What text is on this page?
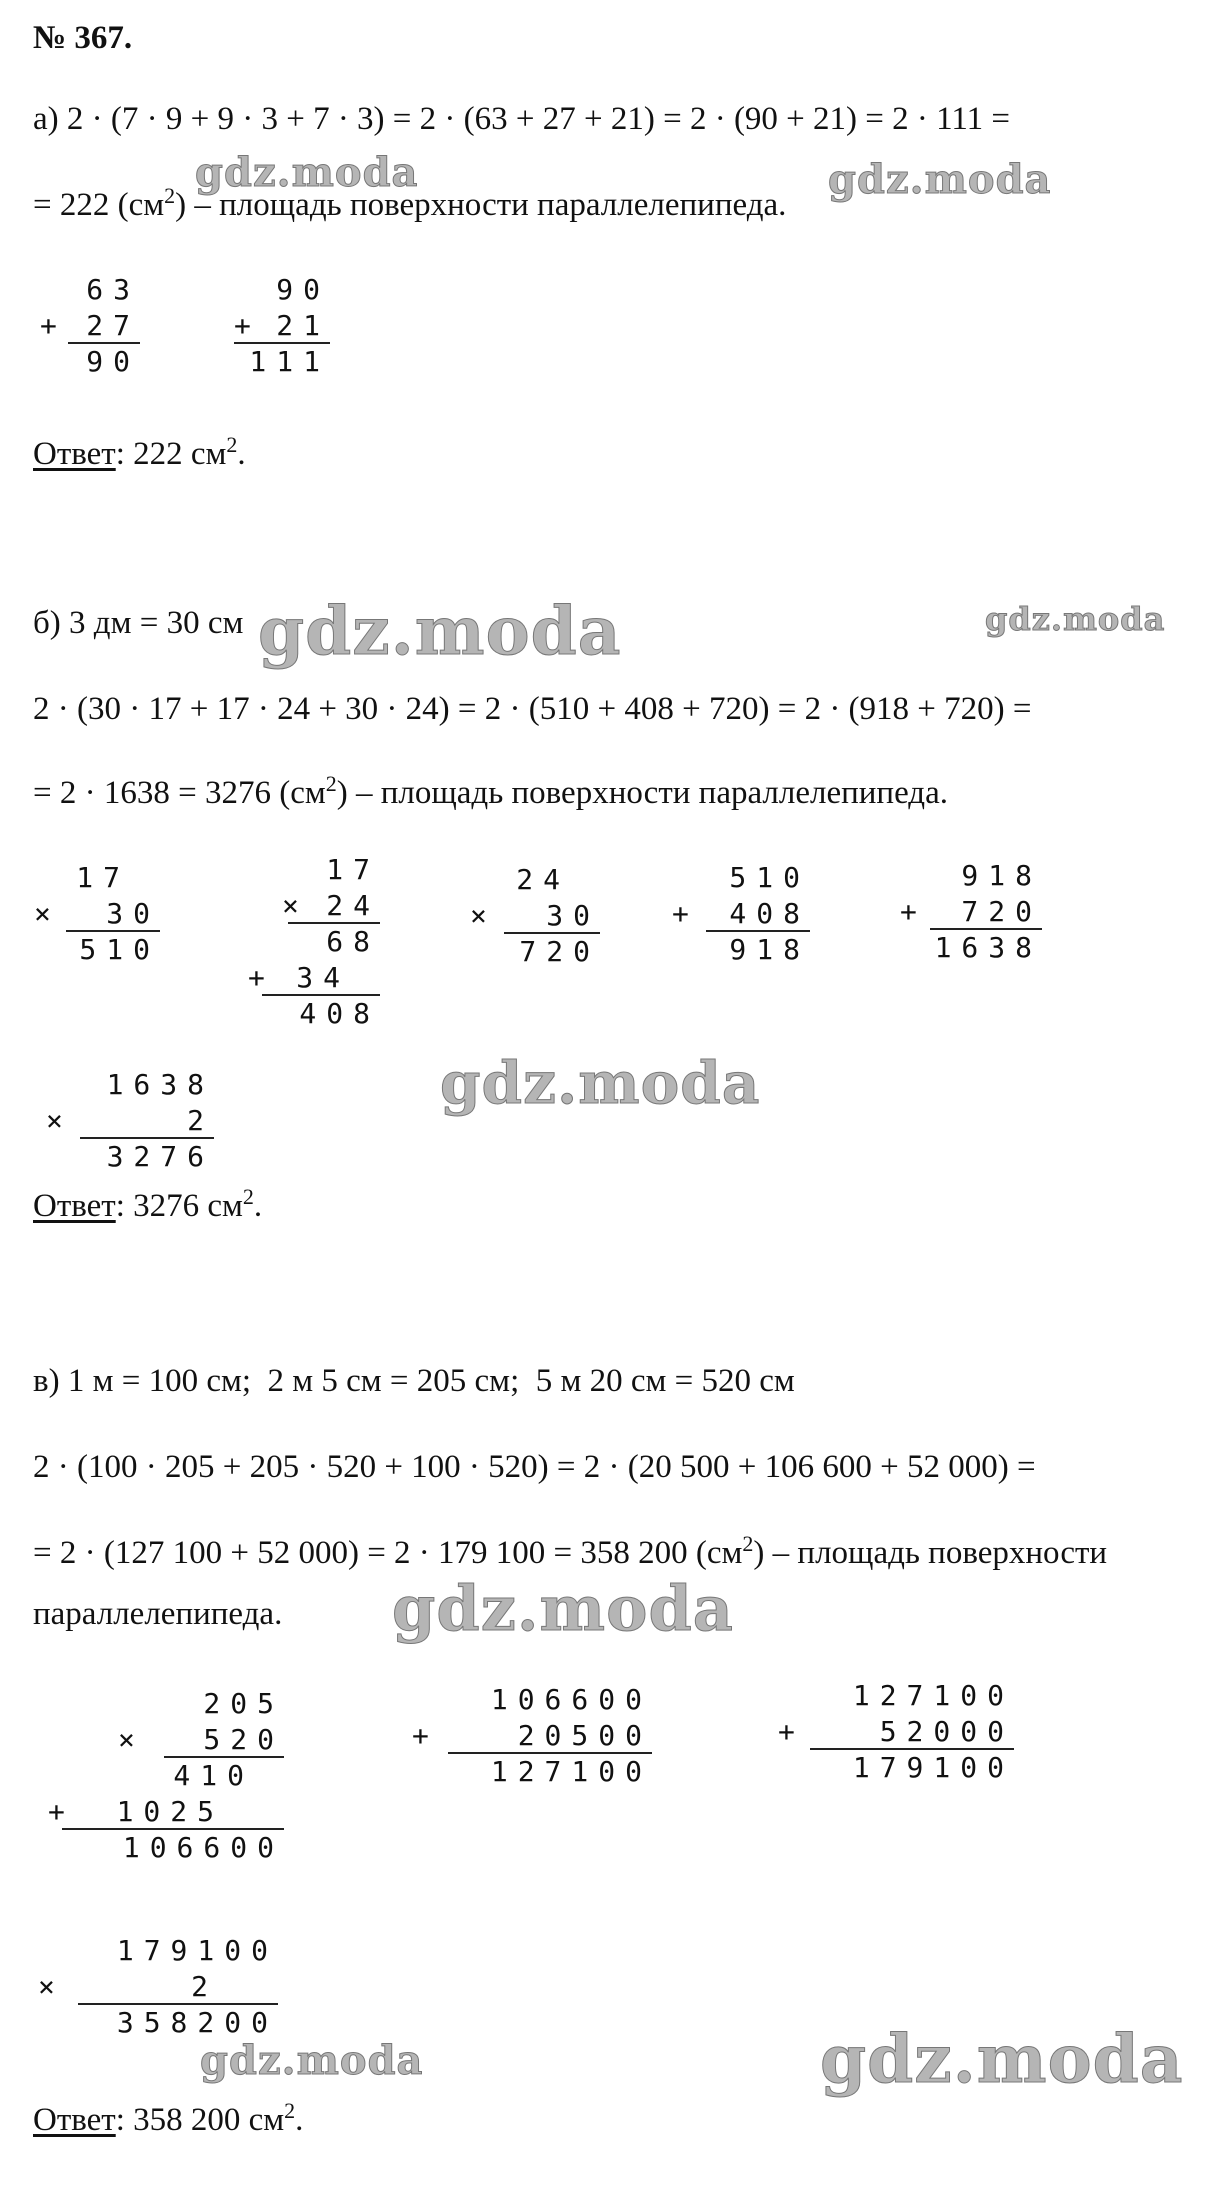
№ 367.
а) 2 · (7 · 9 + 9 · 3 + 7 · 3) = 2 · (63 + 27 + 21) = 2 · (90 + 21) = 2 · 111 =
= 222 $(см^2)$ – площадь поверхности параллелепипеда.
63
+ 27
90
90
+ 21
111
Ответ: 222 $см^2$.
б) 3 дм = 30 см
2 · (30 · 17 + 17 · 24 + 30 · 24) = 2 · (510 + 408 + 720) = 2 · (918 + 720) =
= 2 · 1638 = 3276 $(см^2)$ – площадь поверхности параллелепипеда.
17
× 30
510
17
× 24
68
+ 34
408
24
× 30
720
510
+ 408
918
918
+ 720
1638
1638
×	2
3276
Ответ: 3276 $см^2$.
в) 1 м = 100 см;  2 м 5 см = 205 см;  5 м 20 см = 520 см
2 · (100 · 205 + 205 · 520 + 100 · 520) = 2 · (20 500 + 106 600 + 52 000) =
= 2 · (127 100 + 52 000) = 2 · 179 100 = 358 200 $(см^2)$ – площадь поверхности
параллелепипеда.
205
× 520
410
+ 1025
106600
106600
+	20500
127100
127100
+	52000
179100
179100
×	2
358200
Ответ: 358 200 $см^2$.
gdz.moda	gdz.moda
gdz.moda	gdz.moda
gdz.moda
gdz.moda
gdz.moda	gdz.moda
